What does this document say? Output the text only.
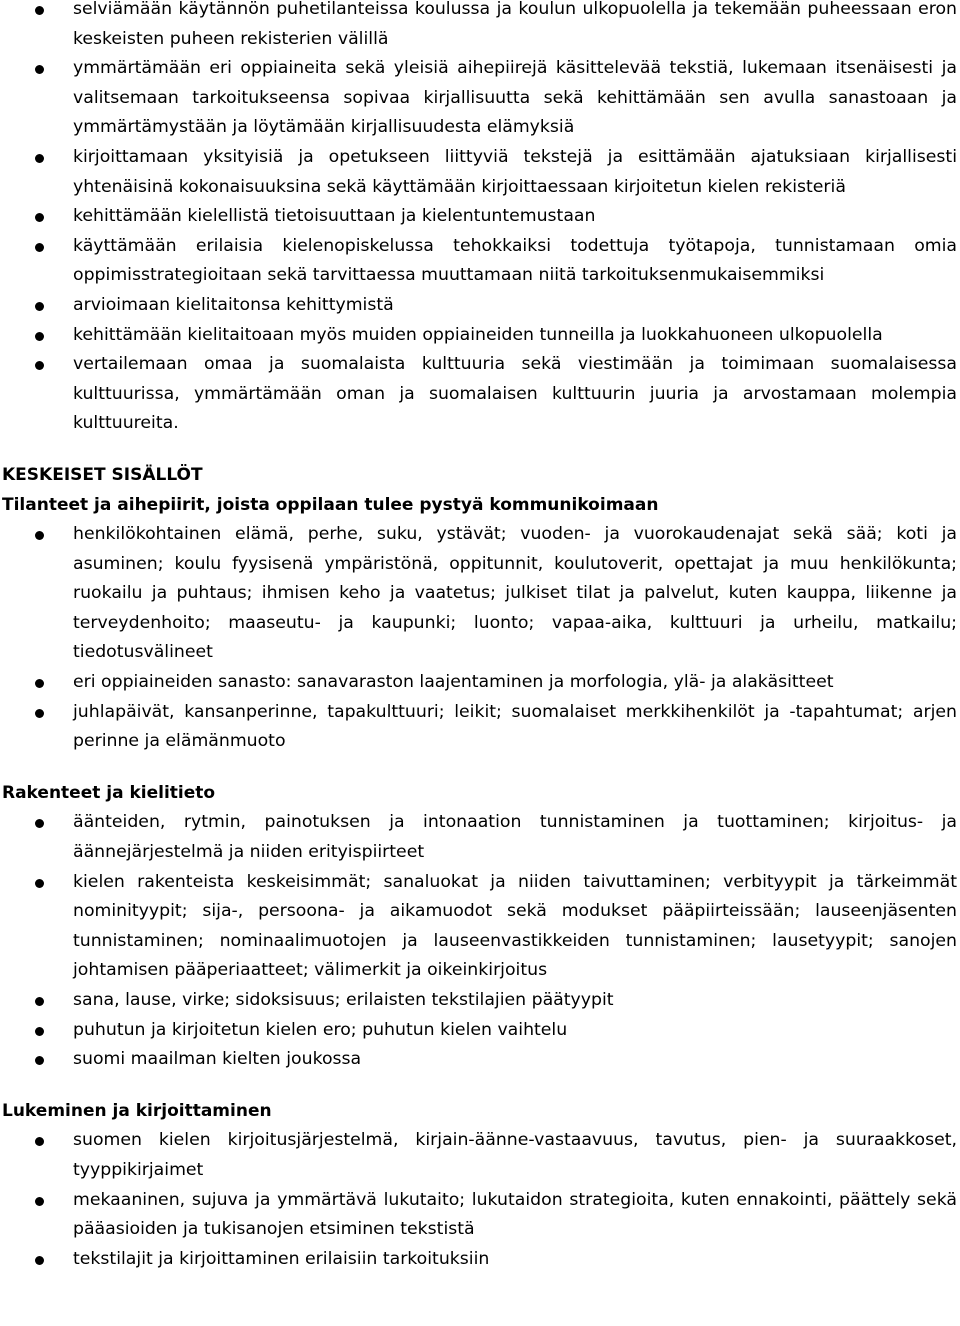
selviämään käytännön puhetilanteissa koulussa ja koulun ulkopuolella ja tekemään puheessaan eron keskeisten puheen rekisterien välillä
ymmärtämään eri oppiaineita sekä yleisiä aihepiirejä käsittelevää tekstiä, lukemaan itsenäisesti ja valitsemaan tarkoitukseensa sopivaa kirjallisuutta sekä kehittämään sen avulla sanastoaan ja ymmärtämystään ja löytämään kirjallisuudesta elämyksiä
kirjoittamaan yksityisiä ja opetukseen liittyviä tekstejä ja esittämään ajatuksiaan kirjallisesti yhtenäisinä kokonaisuuksina sekä käyttämään kirjoittaessaan kirjoitetun kielen rekisteriä
kehittämään kielellistä tietoisuuttaan ja kielentuntemustaan
käyttämään erilaisia kielenopiskelussa tehokkaiksi todettuja työtapoja, tunnistamaan omia oppimisstrategioitaan sekä tarvittaessa muuttamaan niitä tarkoituksenmukaisemmiksi
arvioimaan kielitaitonsa kehittymistä
kehittämään kielitaitoaan myös muiden oppiaineiden tunneilla ja luokkahuoneen ulkopuolella
vertailemaan omaa ja suomalaista kulttuuria sekä viestimään ja toimimaan suomalaisessa kulttuurissa, ymmärtämään oman ja suomalaisen kulttuurin juuria ja arvostamaan molempia kulttuureita.
KESKEISET SISÄLLÖT
Tilanteet ja aihepiirit, joista oppilaan tulee pystyä kommunikoimaan
henkilökohtainen elämä, perhe, suku, ystävät; vuoden- ja vuorokaudenajat sekä sää; koti ja asuminen; koulu fyysisenä ympäristönä, oppitunnit, koulutoverit, opettajat ja muu henkilökunta; ruokailu ja puhtaus; ihmisen keho ja vaatetus; julkiset tilat ja palvelut, kuten kauppa, liikenne ja terveydenhoito; maaseutu- ja kaupunki; luonto; vapaa-aika, kulttuuri ja urheilu, matkailu; tiedotusvälineet
eri oppiaineiden sanasto: sanavaraston laajentaminen ja morfologia, ylä- ja alakäsitteet
juhlapäivät, kansanperinne, tapakulttuuri; leikit; suomalaiset merkkihenkilöt ja -tapahtumat; arjen perinne ja elämänmuoto
Rakenteet ja kielitieto
äänteiden, rytmin, painotuksen ja intonaation tunnistaminen ja tuottaminen; kirjoitus- ja äännejärjestelmä ja niiden erityispiirteet
kielen rakenteista keskeisimmät; sanaluokat ja niiden taivuttaminen; verbityypit ja tärkeimmät nominityypit; sija-, persoona- ja aikamuodot sekä modukset pääpiirteissään; lauseenjäsenten tunnistaminen; nominaalimuotojen ja lauseenvastikkeiden tunnistaminen; lausetyypit; sanojen johtamisen pääperiaatteet; välimerkit ja oikeinkirjoitus
sana, lause, virke; sidoksisuus; erilaisten tekstilajien päätyypit
puhutun ja kirjoitetun kielen ero; puhutun kielen vaihtelu
suomi maailman kielten joukossa
Lukeminen ja kirjoittaminen
suomen kielen kirjoitusjärjestelmä, kirjain-äänne-vastaavuus, tavutus, pien- ja suuraakkoset, tyyppikirjaimet
mekaaninen, sujuva ja ymmärtävä lukutaito; lukutaidon strategioita, kuten ennakointi, päättely sekä pääasioiden ja tukisanojen etsiminen tekstistä
tekstilajit ja kirjoittaminen erilaisiin tarkoituksiin
